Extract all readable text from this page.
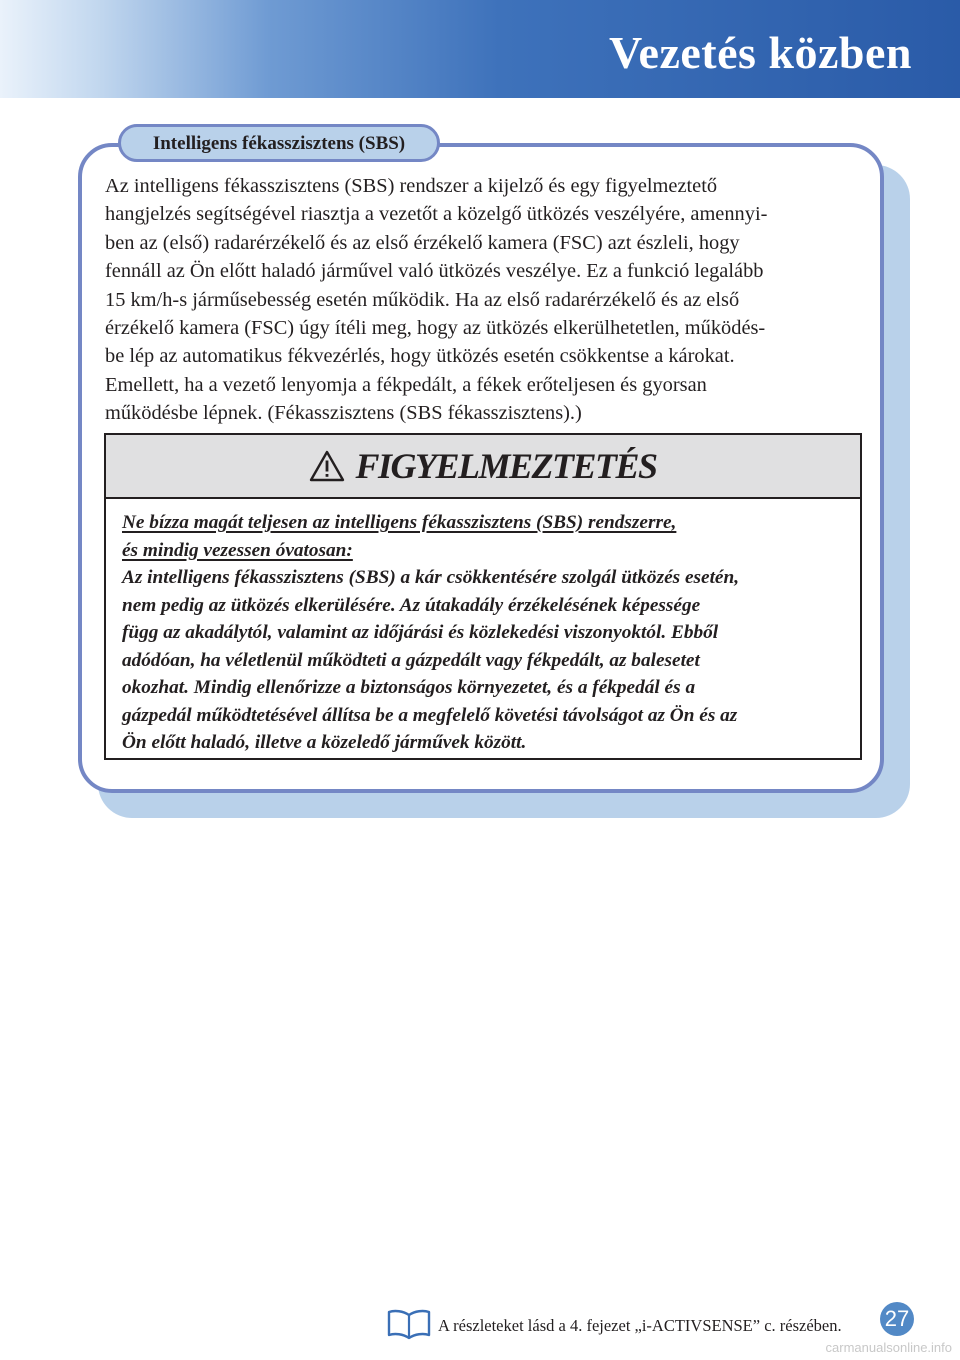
Vezetés közben
Intelligens fékasszisztens (SBS)
Az intelligens fékasszisztens (SBS) rendszer a kijelző és egy figyelmeztető
hangjelzés segítségével riasztja a vezetőt a közelgő ütközés veszélyére, amennyi-
ben az (első) radarérzékelő és az első érzékelő kamera (FSC) azt észleli, hogy
fennáll az Ön előtt haladó járművel való ütközés veszélye. Ez a funkció legalább
15 km/h-s járműsebesség esetén működik. Ha az első radarérzékelő és az első
érzékelő kamera (FSC) úgy ítéli meg, hogy az ütközés elkerülhetetlen, működés-
be lép az automatikus fékvezérlés, hogy ütközés esetén csökkentse a károkat.
Emellett, ha a vezető lenyomja a fékpedált, a fékek erőteljesen és gyorsan
működésbe lépnek. (Fékasszisztens (SBS fékasszisztens).)
FIGYELMEZTETÉS
Ne bízza magát teljesen az intelligens fékasszisztens (SBS) rendszerre,
és mindig vezessen óvatosan:
Az intelligens fékasszisztens (SBS) a kár csökkentésére szolgál ütközés esetén,
nem pedig az ütközés elkerülésére. Az útakadály érzékelésének képessége
függ az akadálytól, valamint az időjárási és közlekedési viszonyoktól. Ebből
adódóan, ha véletlenül működteti a gázpedált vagy fékpedált, az balesetet
okozhat. Mindig ellenőrizze a biztonságos környezetet, és a fékpedál és a
gázpedál működtetésével állítsa be a megfelelő követési távolságot az Ön és az
Ön előtt haladó, illetve a közeledő járművek között.
A részleteket lásd a 4. fejezet „i-ACTIVSENSE” c. részében. 27
carmanualsonline.info
